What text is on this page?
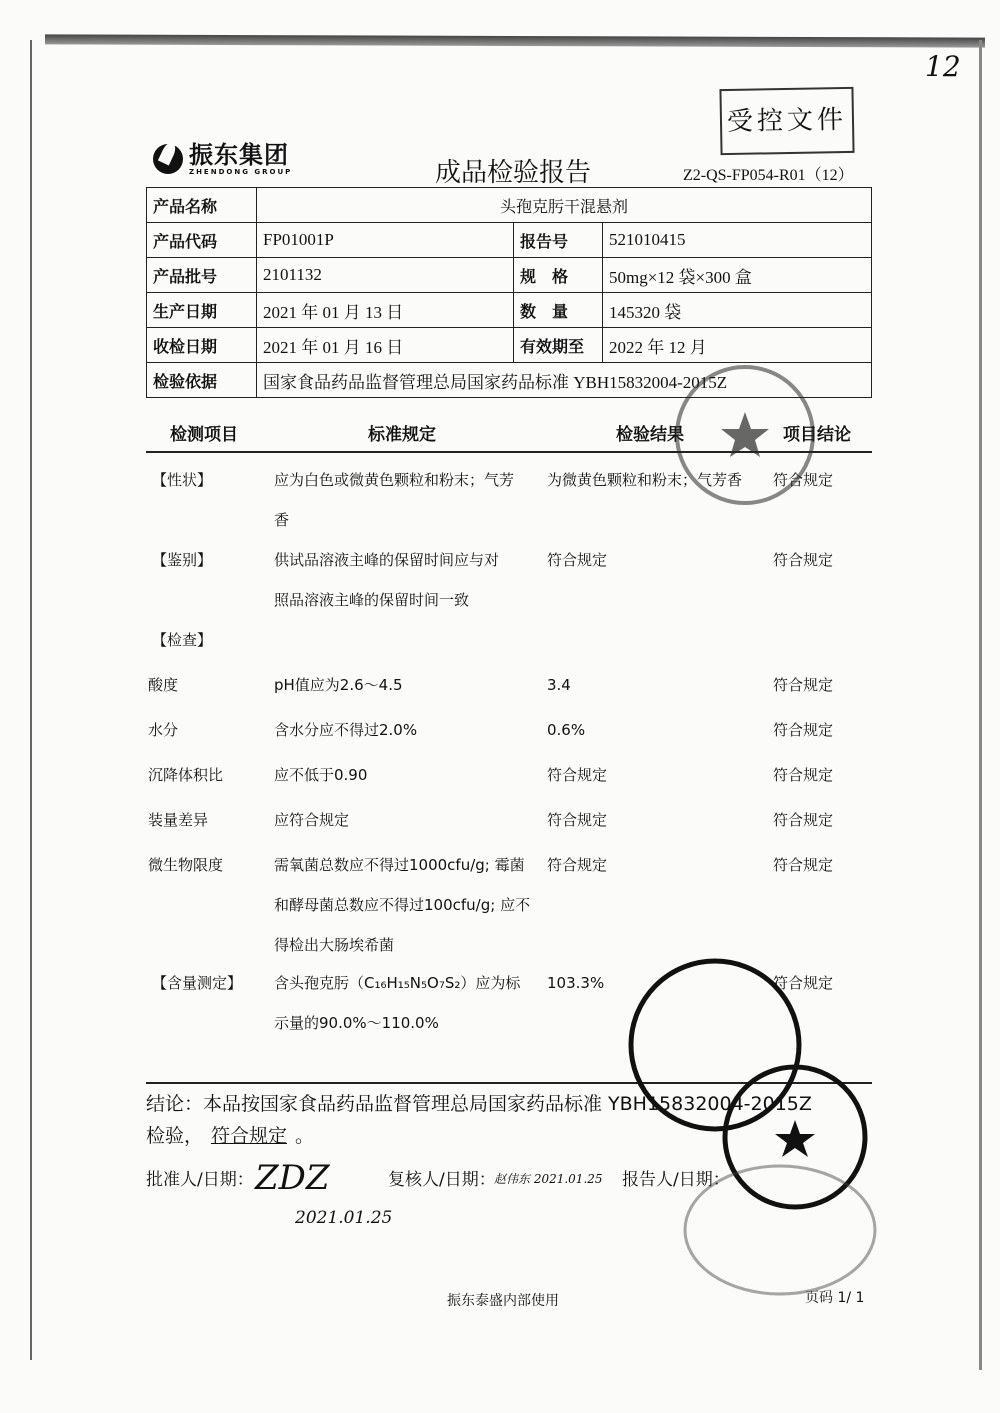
12
受控文件
振东集团
ZHENDONG GROUP	成品检验报告	Z2-QS-FP054-R01（12）
产品名称	头孢克肟干混悬剂		
产品代码	FP01001P	报告号	521010415
产品批号	2101132	规　格	50mg×12 袋×300 盒
生产日期	2021 年 01 月 13 日	数　量	145320 袋
收检日期	2021 年 01 月 16 日	有效期至	2022 年 12 月
检验依据	国家食品药品监督管理总局国家药品标准 YBH15832004-2015Z		
检测项目	标准规定	检验结果	项目结论
【性状】	应为白色或微黄色颗粒和粉末；气芳
香
为微黄色颗粒和粉末；气芳香	符合规定
【鉴别】	供试品溶液主峰的保留时间应与对
照品溶液主峰的保留时间一致
符合规定	符合规定
【检查】
酸度	pH值应为2.6～4.5	3.4	符合规定
水分	含水分应不得过2.0%	0.6%	符合规定
沉降体积比	应不低于0.90	符合规定	符合规定
装量差异	应符合规定	符合规定	符合规定
微生物限度	需氧菌总数应不得过1000cfu/g; 霉菌
和酵母菌总数应不得过100cfu/g; 应不
得检出大肠埃希菌
符合规定	符合规定
【含量测定】 含头孢克肟（C₁₆H₁₅N₅O₇S₂）应为标
示量的90.0%～110.0%
103.3%	符合规定
结论：本品按国家食品药品监督管理总局国家药品标准 YBH15832004-2015Z
检验， 符合规定 。
批准人/日期： ZDZ
2021.01.25
复核人/日期：
赵伟东 2021.01.25 报告人/日期：
振东泰盛内部使用	页码 1/ 1
